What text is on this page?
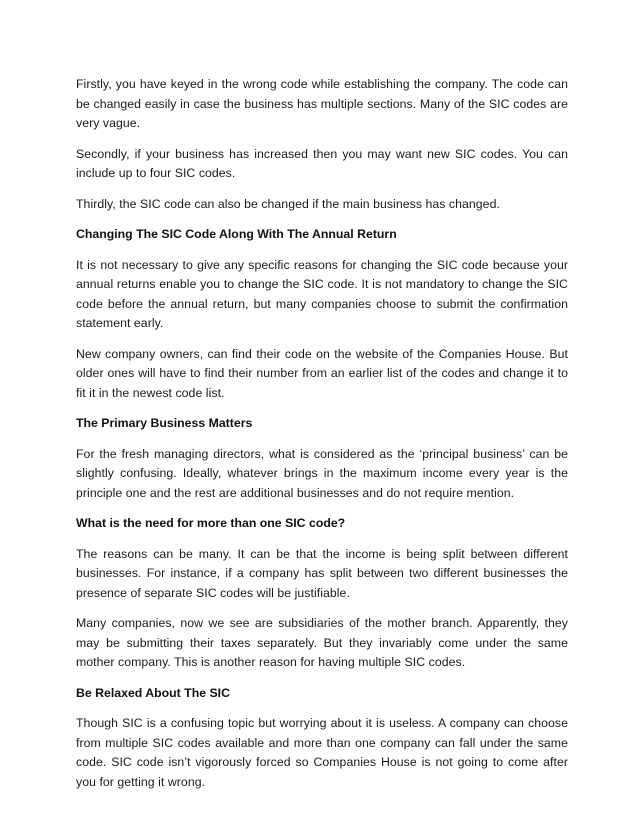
Firstly, you have keyed in the wrong code while establishing the company. The code can be changed easily in case the business has multiple sections. Many of the SIC codes are very vague.

Secondly, if your business has increased then you may want new SIC codes. You can include up to four SIC codes.

Thirdly, the SIC code can also be changed if the main business has changed.

Changing The SIC Code Along With The Annual Return

It is not necessary to give any specific reasons for changing the SIC code because your annual returns enable you to change the SIC code. It is not mandatory to change the SIC code before the annual return, but many companies choose to submit the confirmation statement early.

New company owners, can find their code on the website of the Companies House. But older ones will have to find their number from an earlier list of the codes and change it to fit it in the newest code list.

The Primary Business Matters

For the fresh managing directors, what is considered as the ‘principal business’ can be slightly confusing. Ideally, whatever brings in the maximum income every year is the principle one and the rest are additional businesses and do not require mention.

What is the need for more than one SIC code?

The reasons can be many. It can be that the income is being split between different businesses. For instance, if a company has split between two different businesses the presence of separate SIC codes will be justifiable.

Many companies, now we see are subsidiaries of the mother branch. Apparently, they may be submitting their taxes separately. But they invariably come under the same mother company. This is another reason for having multiple SIC codes.

Be Relaxed About The SIC

Though SIC is a confusing topic but worrying about it is useless. A company can choose from multiple SIC codes available and more than one company can fall under the same code. SIC code isn’t vigorously forced so Companies House is not going to come after you for getting it wrong.
